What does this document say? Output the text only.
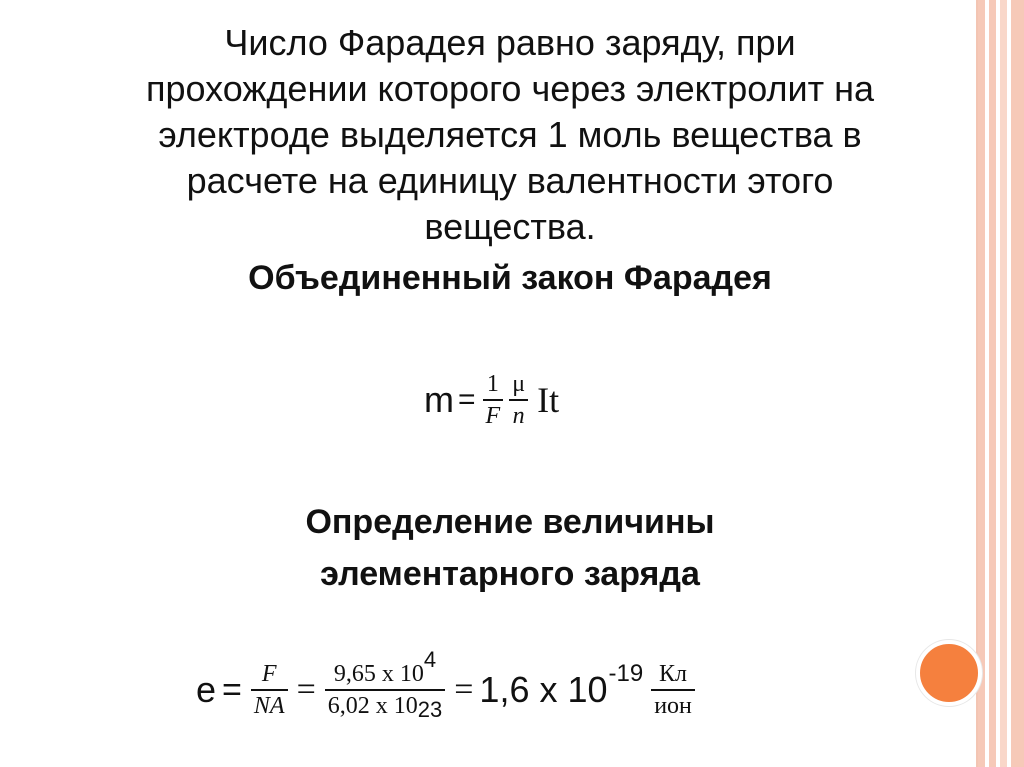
Число Фарадея равно заряду, при
прохождении которого через электролит на
электроде выделяется 1 моль вещества в
расчете на единицу валентности этого
вещества.
Объединенный закон Фарадея
$m = \frac{1}{F} \frac{\mu}{n}$ It
Определение величины
элементарного заряда
$e = \frac{F}{NA} = \frac{9,65 x 104}{6,02 x 1023} = 1,6$ x 10 $-19 \frac{Кл}{\text{ион}}$
